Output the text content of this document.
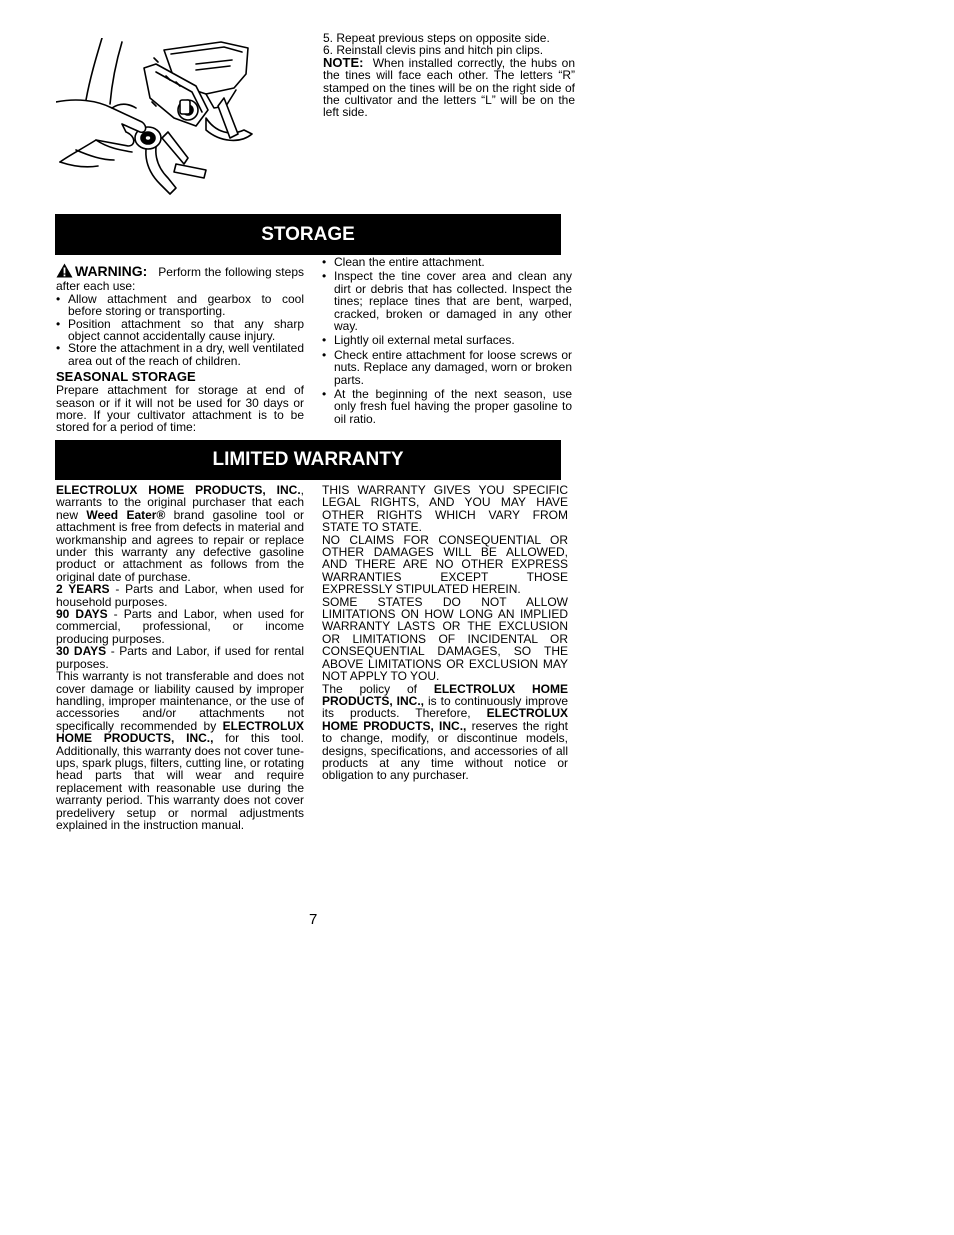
5. Repeat previous steps on opposite side.
6. Reinstall clevis pins and hitch pin clips.

NOTE: When installed correctly, the hubs on the tines will face each other. The letters “R” stamped on the tines will be on the right side of the cultivator and the letters “L” will be on the left side.

STORAGE

WARNING: Perform the following steps after each use:

• Allow attachment and gearbox to cool before storing or transporting.
• Position attachment so that any sharp object cannot accidentally cause injury.
• Store the attachment in a dry, well ventilated area out of the reach of children.

SEASONAL STORAGE

Prepare attachment for storage at end of season or if it will not be used for 30 days or more. If your cultivator attachment is to be stored for a period of time:

• Clean the entire attachment.
• Inspect the tine cover area and clean any dirt or debris that has collected. Inspect the tines; replace tines that are bent, warped, cracked, broken or damaged in any other way.
• Lightly oil external metal surfaces.
• Check entire attachment for loose screws or nuts. Replace any damaged, worn or broken parts.
• At the beginning of the next season, use only fresh fuel having the proper gasoline to oil ratio.
LIMITED WARRANTY

ELECTROLUX HOME PRODUCTS, INC., warrants to the original purchaser that each new Weed Eater® brand gasoline tool or attachment is free from defects in material and workmanship and agrees to repair or replace under this warranty any defective gasoline product or attachment as follows from the original date of purchase.

2 YEARS - Parts and Labor, when used for household purposes.

90 DAYS - Parts and Labor, when used for commercial, professional, or income producing purposes.

30 DAYS - Parts and Labor, if used for rental purposes.

This warranty is not transferable and does not cover damage or liability caused by improper handling, improper maintenance, or the use of accessories and/or attachments not specifically recommended by ELECTROLUX HOME PRODUCTS, INC., for this tool. Additionally, this warranty does not cover tune-ups, spark plugs, filters, cutting line, or rotating head parts that will wear and require replacement with reasonable use during the warranty period. This warranty does not cover predelivery setup or normal adjustments explained in the instruction manual.

THIS WARRANTY GIVES YOU SPECIFIC LEGAL RIGHTS, AND YOU MAY HAVE OTHER RIGHTS WHICH VARY FROM STATE TO STATE.

NO CLAIMS FOR CONSEQUENTIAL OR OTHER DAMAGES WILL BE ALLOWED, AND THERE ARE NO OTHER EXPRESS WARRANTIES EXCEPT THOSE EXPRESSLY STIPULATED HEREIN.

SOME STATES DO NOT ALLOW LIMITATIONS ON HOW LONG AN IMPLIED WARRANTY LASTS OR THE EXCLUSION OR LIMITATIONS OF INCIDENTAL OR CONSEQUENTIAL DAMAGES, SO THE ABOVE LIMITATIONS OR EXCLUSION MAY NOT APPLY TO YOU.

The policy of ELECTROLUX HOME PRODUCTS, INC., is to continuously improve its products. Therefore, ELECTROLUX HOME PRODUCTS, INC., reserves the right to change, modify, or discontinue models, designs, specifications, and accessories of all products at any time without notice or obligation to any purchaser.

7
